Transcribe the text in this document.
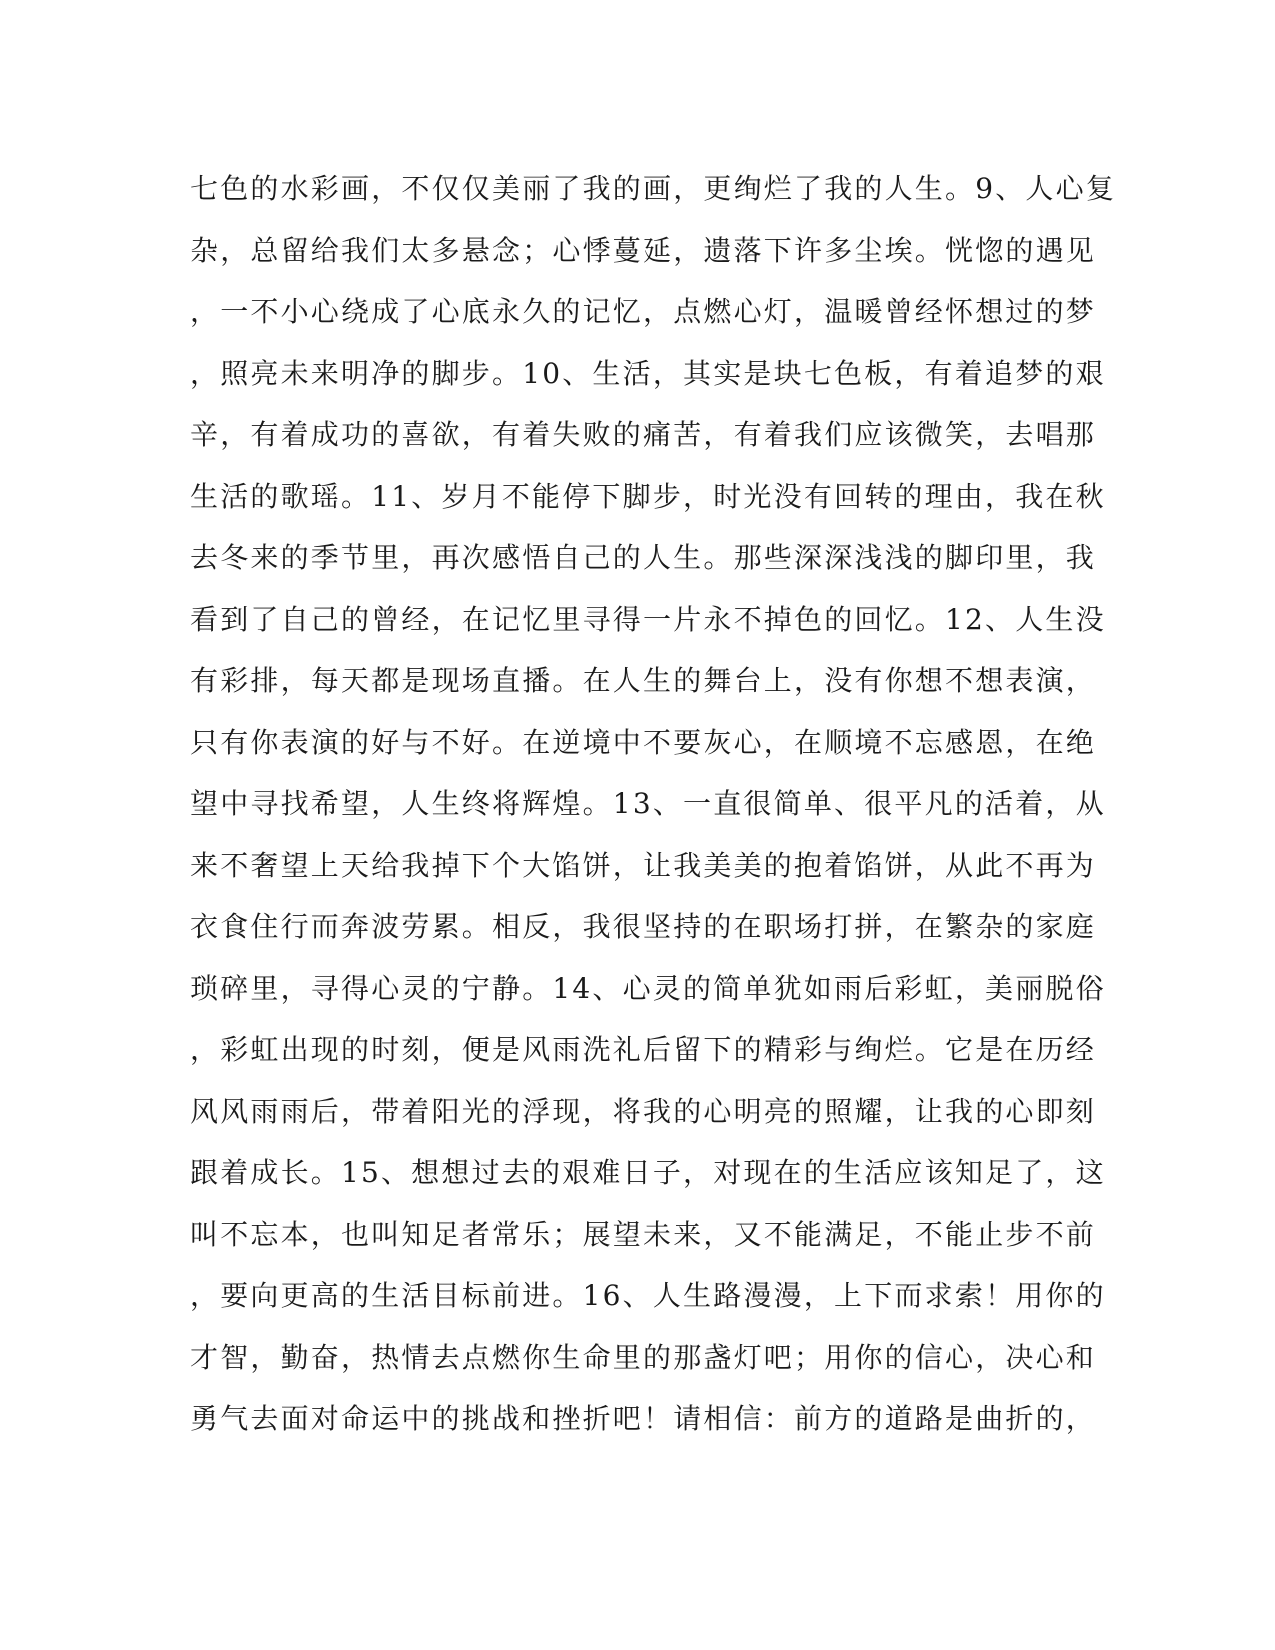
七色的水彩画，不仅仅美丽了我的画，更绚烂了我的人生。9、人心复
杂，总留给我们太多悬念；心悸蔓延，遗落下许多尘埃。恍惚的遇见
，一不小心绕成了心底永久的记忆，点燃心灯，温暖曾经怀想过的梦
，照亮未来明净的脚步。10、生活，其实是块七色板，有着追梦的艰
辛，有着成功的喜欲，有着失败的痛苦，有着我们应该微笑，去唱那
生活的歌瑶。11、岁月不能停下脚步，时光没有回转的理由，我在秋
去冬来的季节里，再次感悟自己的人生。那些深深浅浅的脚印里，我
看到了自己的曾经，在记忆里寻得一片永不掉色的回忆。12、人生没
有彩排，每天都是现场直播。在人生的舞台上，没有你想不想表演，
只有你表演的好与不好。在逆境中不要灰心，在顺境不忘感恩，在绝
望中寻找希望，人生终将辉煌。13、一直很简单、很平凡的活着，从
来不奢望上天给我掉下个大馅饼，让我美美的抱着馅饼，从此不再为
衣食住行而奔波劳累。相反，我很坚持的在职场打拼，在繁杂的家庭
琐碎里，寻得心灵的宁静。14、心灵的简单犹如雨后彩虹，美丽脱俗
，彩虹出现的时刻，便是风雨洗礼后留下的精彩与绚烂。它是在历经
风风雨雨后，带着阳光的浮现，将我的心明亮的照耀，让我的心即刻
跟着成长。15、想想过去的艰难日子，对现在的生活应该知足了，这
叫不忘本，也叫知足者常乐；展望未来，又不能满足，不能止步不前
，要向更高的生活目标前进。16、人生路漫漫，上下而求索！用你的
才智，勤奋，热情去点燃你生命里的那盏灯吧；用你的信心，决心和
勇气去面对命运中的挑战和挫折吧！请相信：前方的道路是曲折的，
